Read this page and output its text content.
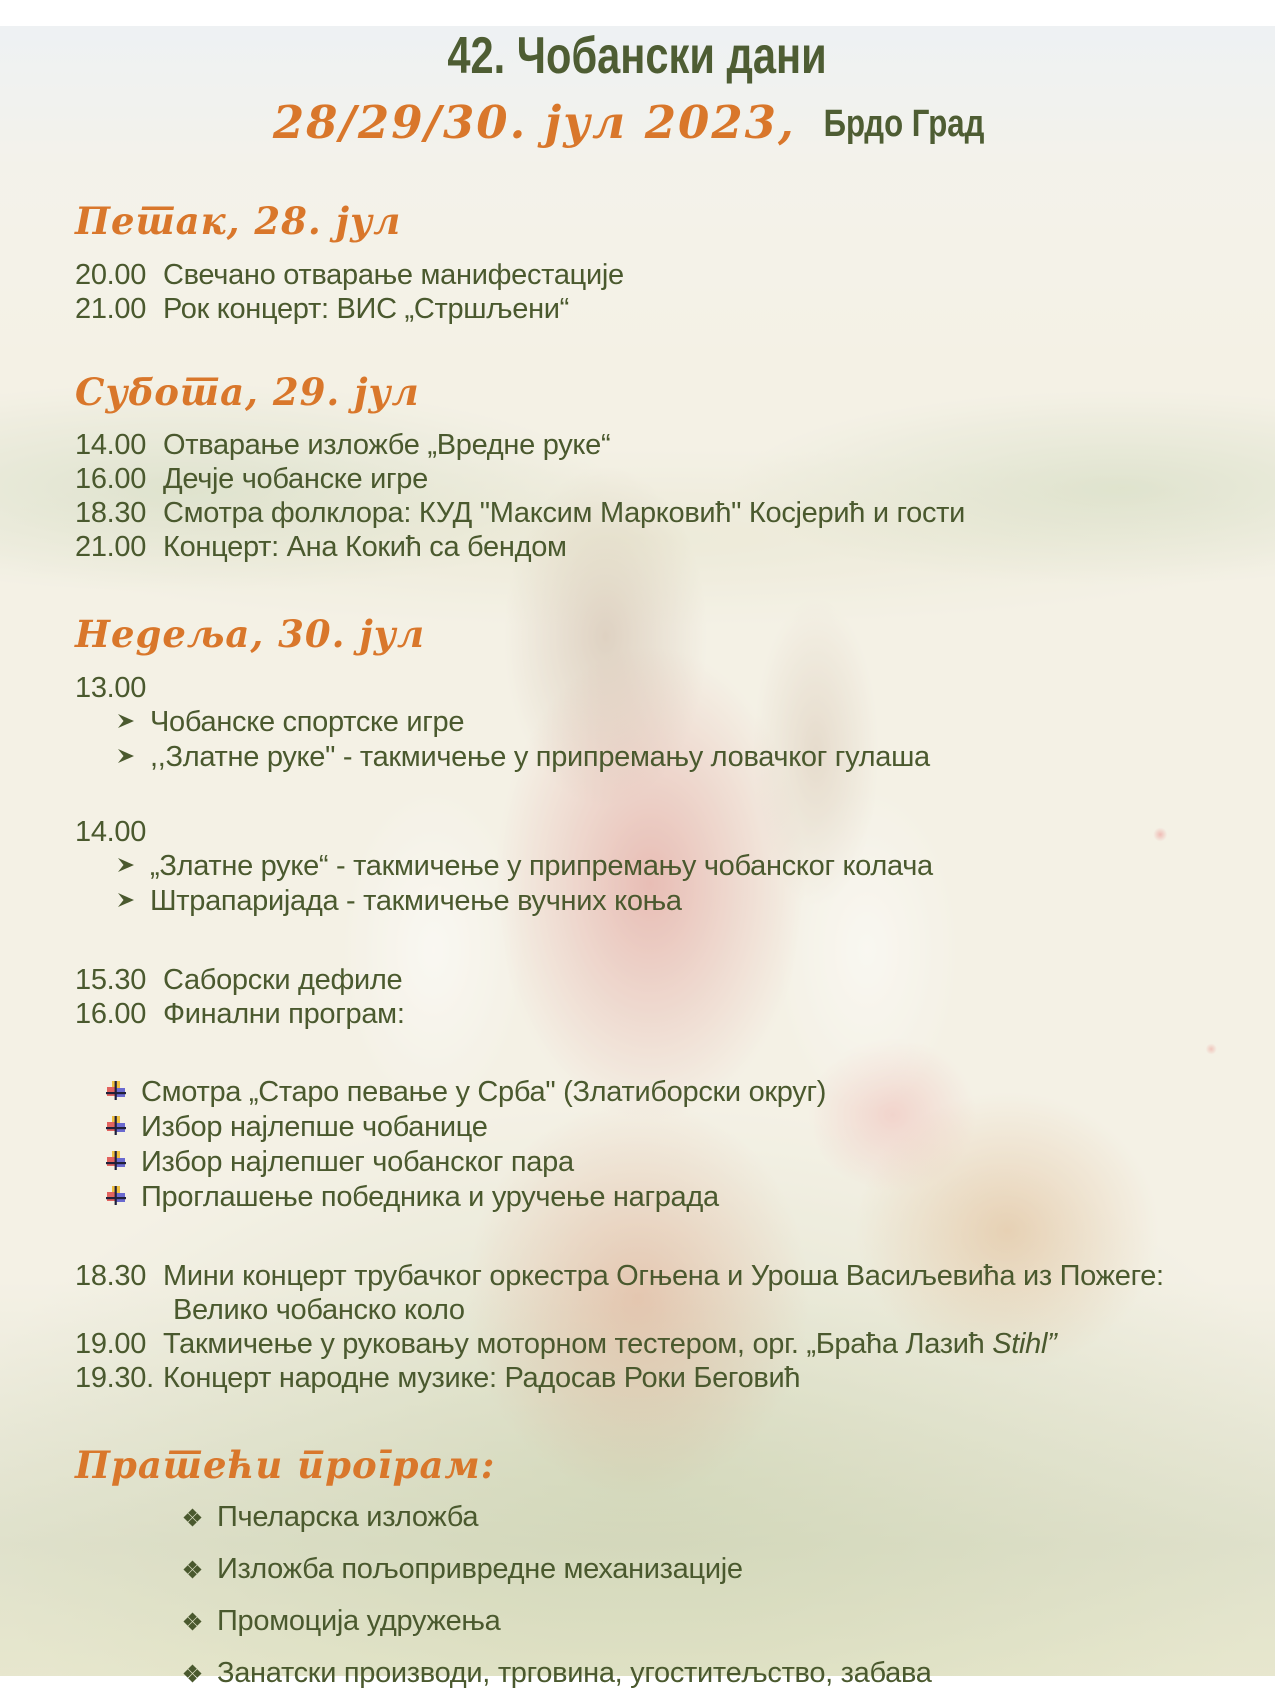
42. Чобански дани
28/29/30. јул 2023, Брдо Град
Петак, 28. јул
20.00 Свечано отварање манифестације
21.00 Рок концерт: ВИС „Стршљени“
Субота, 29. јул
14.00 Отварање изложбе „Вредне руке“
16.00 Дечје чобанске игре
18.30 Смотра фолклора: КУД "Максим Марковић" Косјерић и гости
21.00 Концерт: Ана Кокић са бендом
Недеља, 30. јул
13.00
Чобанске спортске игре
,,Златне руке" - такмичење у припремању ловачког гулаша
14.00
„Златне руке“ - такмичење у припремању чобанског колача
Штрапаријада - такмичење вучних коња
15.30 Саборски дефиле
16.00 Финални програм:
Смотра „Старо певање у Срба" (Златиборски округ)
Избор најлепше чобанице
Избор најлепшег чобанског пара
Проглашење победника и уручење награда
18.30 Мини концерт трубачког оркестра Огњена и Уроша Васиљевића из Пожеге:
Велико чобанско коло
19.00 Такмичење у руковању моторном тестером, орг. „Браћа Лазић Stihl”
19.30. Концерт народне музике: Радосав Роки Беговић
Пратећи програм:
Пчеларска изложба
Изложба пољопривредне механизације
Промоција удружења
Занатски производи, трговина, угоститељство, забава
